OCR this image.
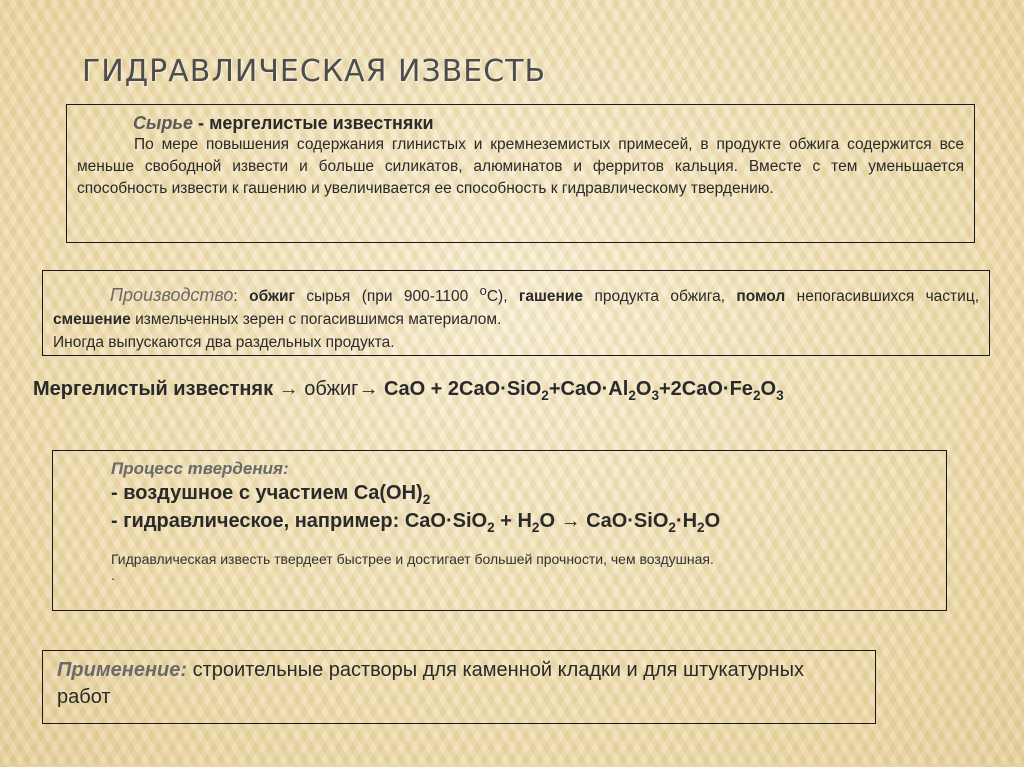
ГИДРАВЛИЧЕСКАЯ ИЗВЕСТЬ
Сырье - мергелистые известняки
По мере повышения содержания глинистых и кремнеземистых примесей, в продукте обжига содержится все меньше свободной извести и больше силикатов, алюминатов и ферритов кальция. Вместе с тем уменьшается способность извести к гашению и увеличивается ее способность к гидравлическому твердению.
Производство: обжиг сырья (при 900-1100 $^о$С), гашение продукта обжига, помол непогасившихся частиц, смешение измельченных зерен с погасившимся материалом.
Иногда выпускаются два раздельных продукта.
Мергелистый известняк → обжиг→ CaO + $2CaO\cdot SiO_2+CaO\cdot Al_2O_3+2CaO\cdot Fe_2O_3$
Процесс твердения:
- воздушное с участием $Ca(OH)_2$
- гидравлическое, например: $CaO\cdot SiO_2 + H_2O \to CaO\cdot SiO_2\cdot H_2O$
Гидравлическая известь твердеет быстрее и достигает большей прочности, чем воздушная.
.
Применение: строительные растворы для каменной кладки и для штукатурных работ
